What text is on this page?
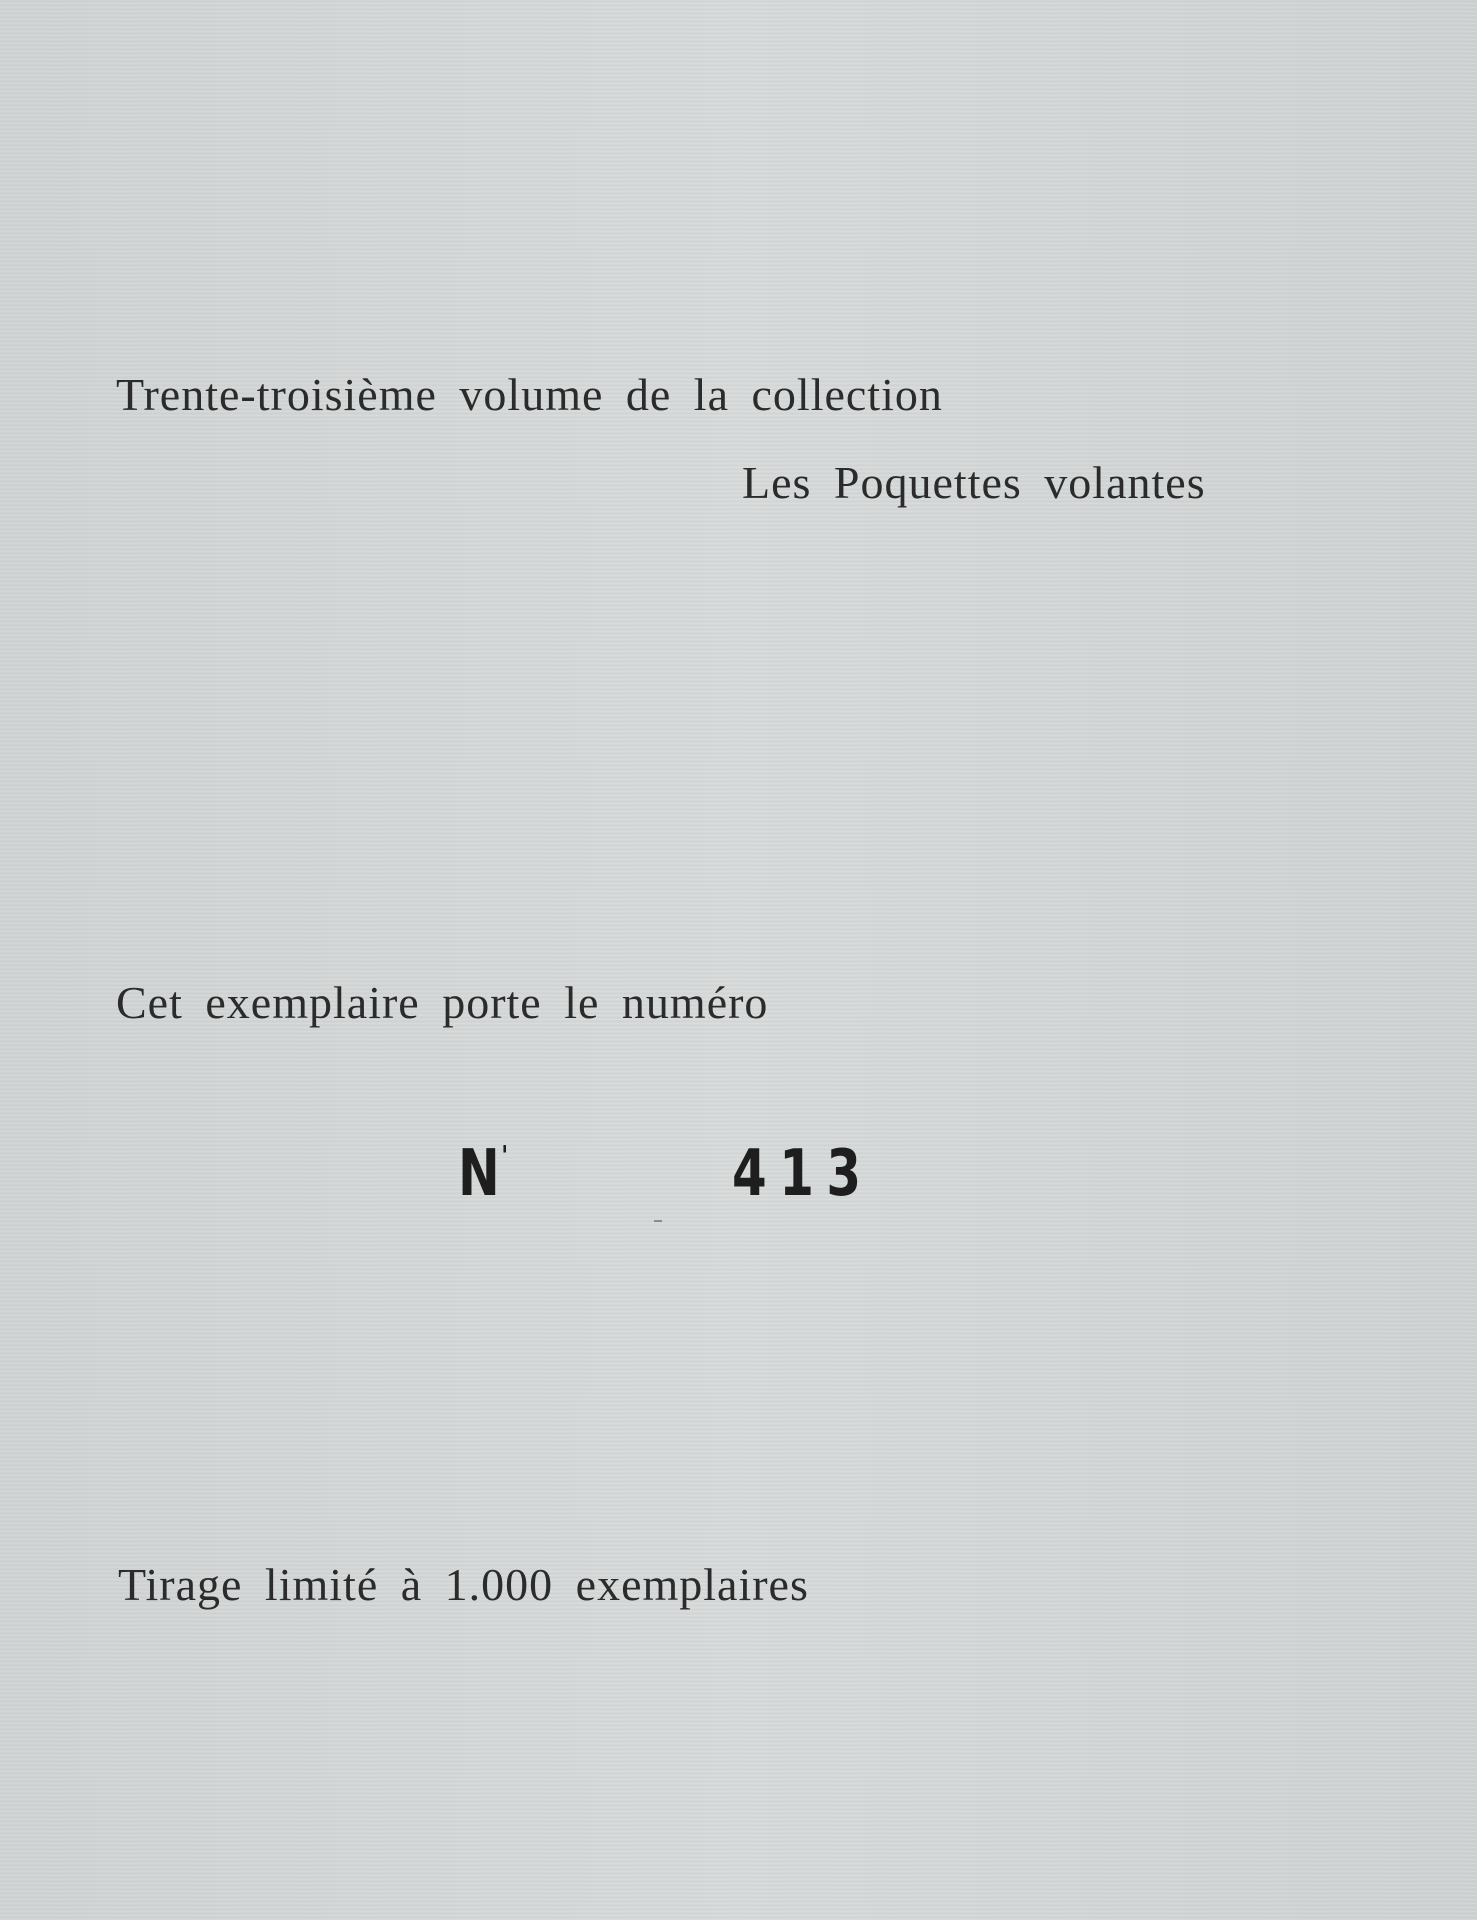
Trente-troisième volume de la collection
Les Poquettes volantes
Cet exemplaire porte le numéro
N'	413
Tirage limité à 1.000 exemplaires
